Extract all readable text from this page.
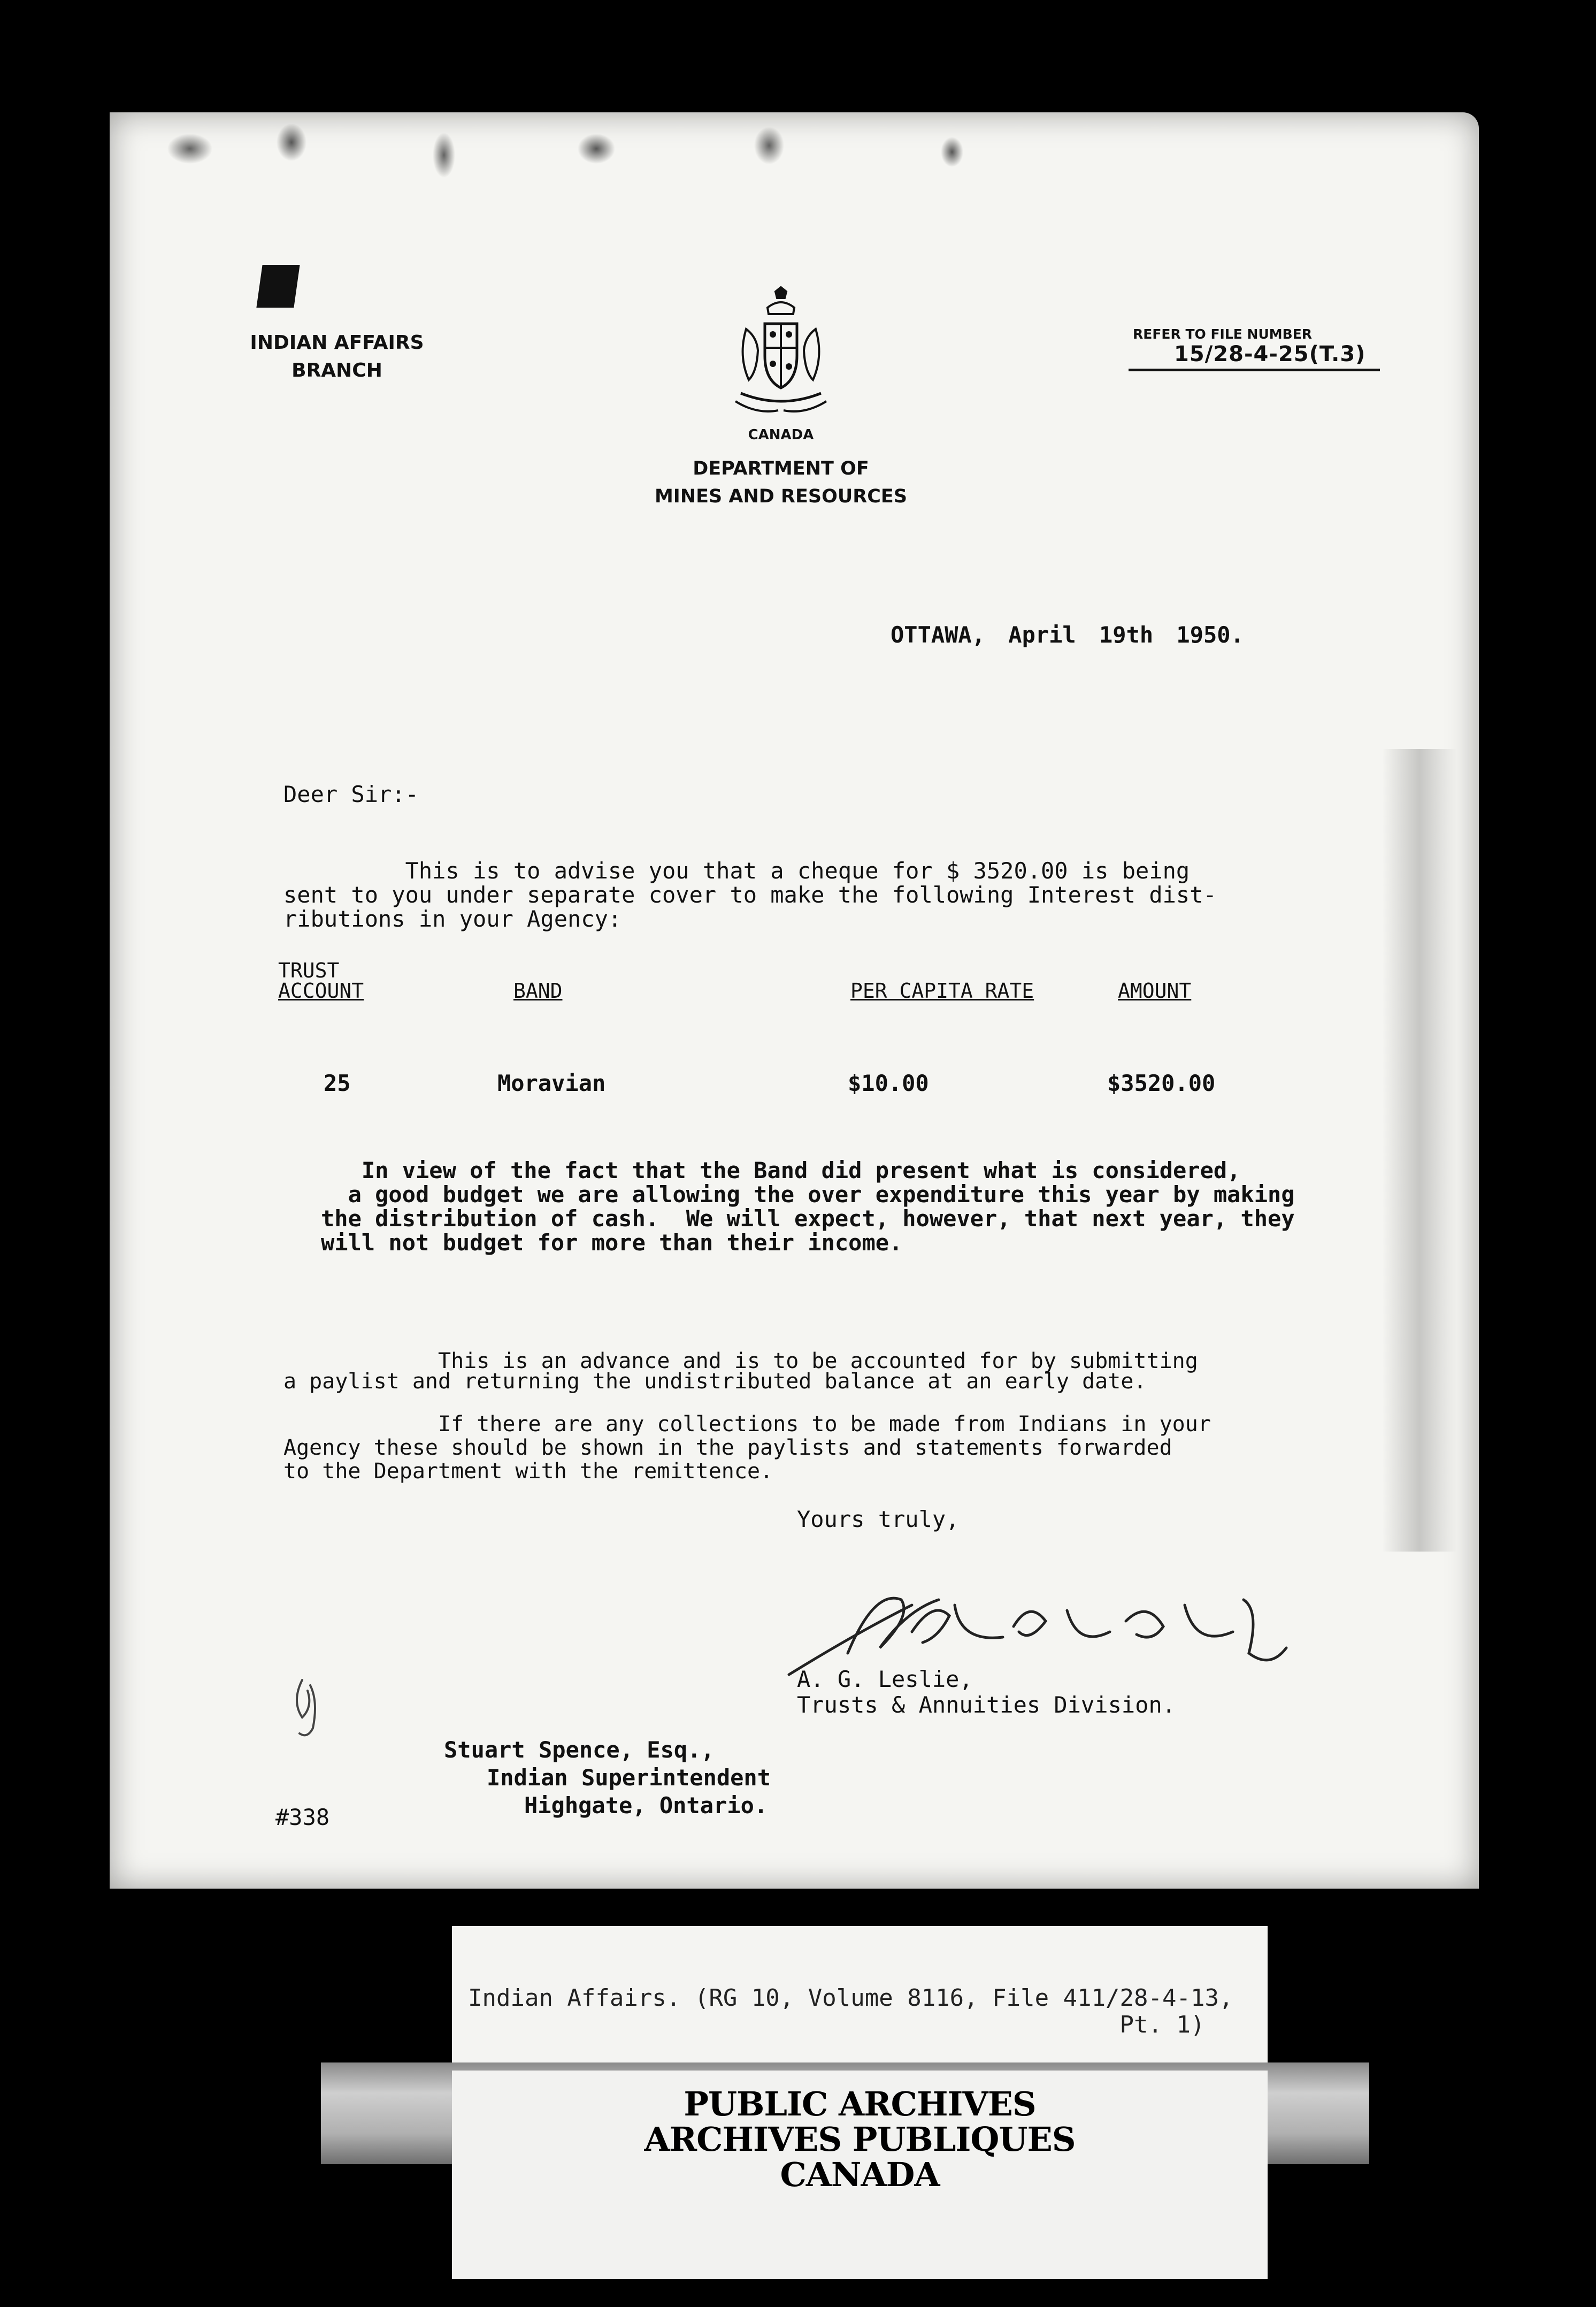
INDIAN AFFAIRS
BRANCH
CANADA
DEPARTMENT OF
MINES AND RESOURCES
REFER TO FILE NUMBER
15/28-4-25(T.3)
OTTAWA, April 19th 1950.
Deer Sir:-
This is to advise you that a cheque for $ 3520.00 is being
sent to you under separate cover to make the following Interest dist-
ributions in your Agency:
TRUST
ACCOUNT	BAND	PER CAPITA RATE	AMOUNT
25	Moravian	$10.00	$3520.00
In view of the fact that the Band did present what is considered,
a good budget we are allowing the over expenditure this year by making
the distribution of cash.  We will expect, however, that next year, they
will not budget for more than their income.
This is an advance and is to be accounted for by submitting
a paylist and returning the undistributed balance at an early date.
If there are any collections to be made from Indians in your
Agency these should be shown in the paylists and statements forwarded
to the Department with the remittence.
Yours truly,
A. G. Leslie,
Trusts & Annuities Division.
Stuart Spence, Esq.,
Indian Superintendent
Highgate, Ontario.
#338
Indian Affairs. (RG 10, Volume 8116, File 411/28-4-13,
Pt. 1)
PUBLIC ARCHIVES
ARCHIVES PUBLIQUES
CANADA
